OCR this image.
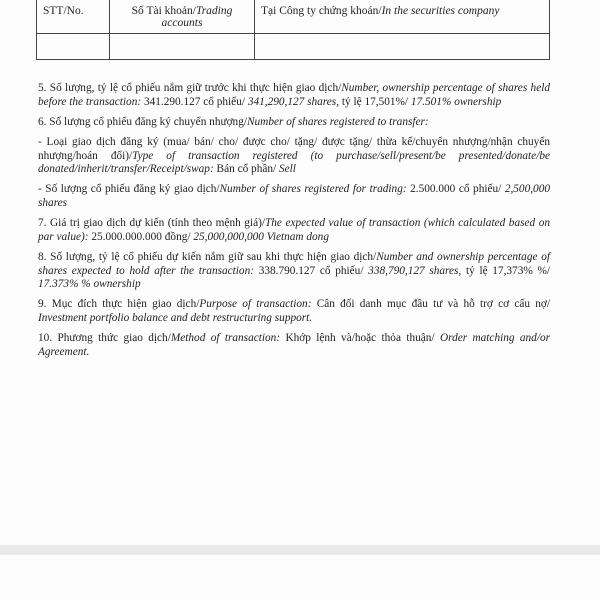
STT/No.	Số Tài khoản/Trading accounts	Tại Công ty chứng khoán/In the securities company

5. Số lượng, tỷ lệ cổ phiếu nắm giữ trước khi thực hiện giao dịch/Number, ownership percentage of shares held before the transaction: 341.290.127 cổ phiếu/ 341,290,127 shares, tỷ lệ 17,501%/ 17.501% ownership

6. Số lượng cổ phiếu đăng ký chuyển nhượng/Number of shares registered to transfer:

- Loại giao dịch đăng ký (mua/ bán/ cho/ được cho/ tặng/ được tặng/ thừa kế/chuyển nhượng/nhận chuyển nhượng/hoán đổi)/Type of transaction registered (to purchase/sell/present/be presented/donate/be donated/inherit/transfer/Receipt/swap: Bán cổ phần/ Sell

- Số lượng cổ phiếu đăng ký giao dịch/Number of shares registered for trading: 2.500.000 cổ phiếu/ 2,500,000 shares

7. Giá trị giao dịch dự kiến (tính theo mệnh giá)/The expected value of transaction (which calculated based on par value): 25.000.000.000 đồng/ 25,000,000,000 Vietnam dong

8. Số lượng, tỷ lệ cổ phiếu dự kiến nắm giữ sau khi thực hiện giao dịch/Number and ownership percentage of shares expected to hold after the transaction: 338.790.127 cổ phiếu/ 338,790,127 shares, tỷ lệ 17,373% %/ 17.373% % ownership

9. Mục đích thực hiện giao dịch/Purpose of transaction: Cân đối danh mục đầu tư và hỗ trợ cơ cấu nợ/ Investment portfolio balance and debt restructuring support.

10. Phương thức giao dịch/Method of transaction: Khớp lệnh và/hoặc thỏa thuận/ Order matching and/or Agreement.
